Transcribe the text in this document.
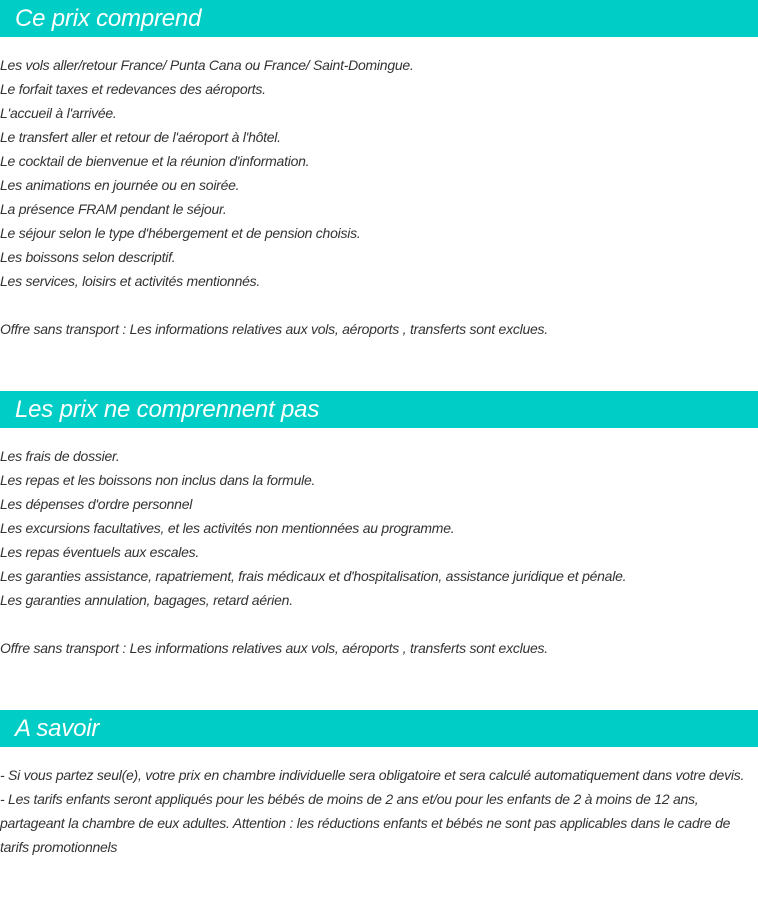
Ce prix comprend
Les vols aller/retour France/ Punta Cana ou France/ Saint-Domingue.
Le forfait taxes et redevances des aéroports.
L'accueil à l'arrivée.
Le transfert aller et retour de l'aéroport à l'hôtel.
Le cocktail de bienvenue et la réunion d'information.
Les animations en journée ou en soirée.
La présence FRAM pendant le séjour.
Le séjour selon le type d'hébergement et de pension choisis.
Les boissons selon descriptif.
Les services, loisirs et activités mentionnés.
Offre sans transport : Les informations relatives aux vols, aéroports , transferts sont exclues.
Les prix ne comprennent pas
Les frais de dossier.
Les repas et les boissons non inclus dans la formule.
Les dépenses d'ordre personnel
Les excursions facultatives, et les activités non mentionnées au programme.
Les repas éventuels aux escales.
Les garanties assistance, rapatriement, frais médicaux et d'hospitalisation, assistance juridique et pénale.
Les garanties annulation, bagages, retard aérien.
Offre sans transport : Les informations relatives aux vols, aéroports , transferts sont exclues.
A savoir

- Si vous partez seul(e), votre prix en chambre individuelle sera obligatoire et sera calculé automatiquement dans votre devis.

- Les tarifs enfants seront appliqués pour les bébés de moins de 2 ans et/ou pour les enfants de 2 à moins de 12 ans, partageant la chambre de eux adultes. Attention : les réductions enfants et bébés ne sont pas applicables dans le cadre de tarifs promotionnels
